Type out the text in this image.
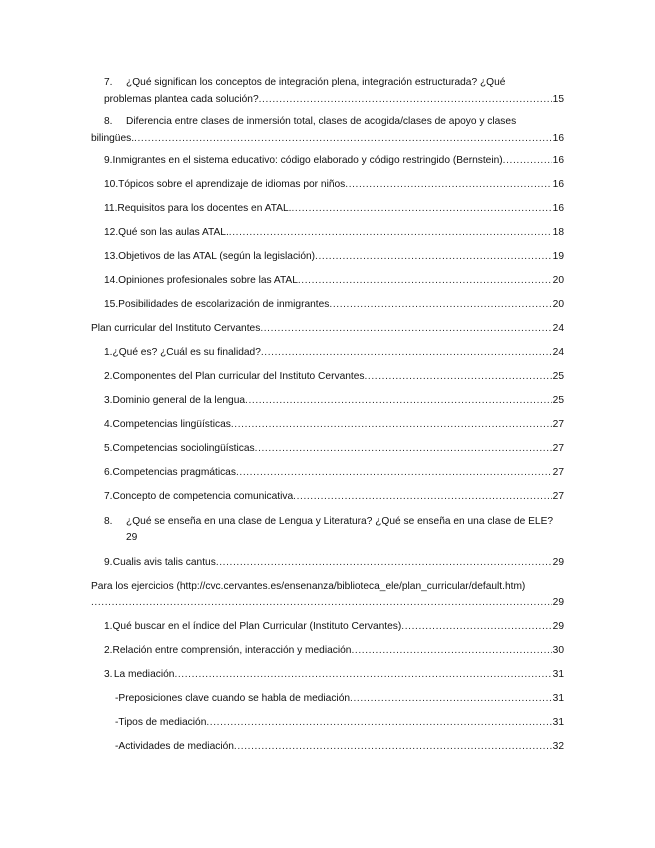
7.	¿Qué significan los conceptos de integración plena, integración estructurada? ¿Qué
problemas plantea cada solución? .....	15
8.	Diferencia entre clases de inmersión total, clases de acogida/clases de apoyo y clases
bilingües. .....	16
9. Inmigrantes en el sistema educativo: código elaborado y código restringido (Bernstein) .....	16
10. Tópicos sobre el aprendizaje de idiomas por niños .....	16
11. Requisitos para los docentes en ATAL. .....	16
12. Qué son las aulas ATAL. .....	18
13. Objetivos de las ATAL (según la legislación) .....	19
14. Opiniones profesionales sobre las ATAL .....	20
15. Posibilidades de escolarización de inmigrantes .....	20
Plan curricular del Instituto Cervantes .....	24
1. ¿Qué es? ¿Cuál es su finalidad? .....	24
2. Componentes del Plan curricular del Instituto Cervantes .....	25
3. Dominio general de la lengua .....	25
4. Competencias lingüísticas .....	27
5. Competencias sociolingüísticas .....	27
6. Competencias pragmáticas .....	27
7. Concepto de competencia comunicativa .....	27
8.	¿Qué se enseña en una clase de Lengua y Literatura? ¿Qué se enseña en una clase de ELE?
29
9. Cualis avis talis cantus .....	29
Para los ejercicios (http://cvc.cervantes.es/ensenanza/biblioteca_ele/plan_curricular/default.htm)
.....
29
1. Qué buscar en el índice del Plan Curricular (Instituto Cervantes) .....	29
2. Relación entre comprensión, interacción y mediación .....	30
3. La mediación .....	31
-Preposiciones clave cuando se habla de mediación .....	31
-Tipos de mediación .....	31
-Actividades de mediación .....	32
